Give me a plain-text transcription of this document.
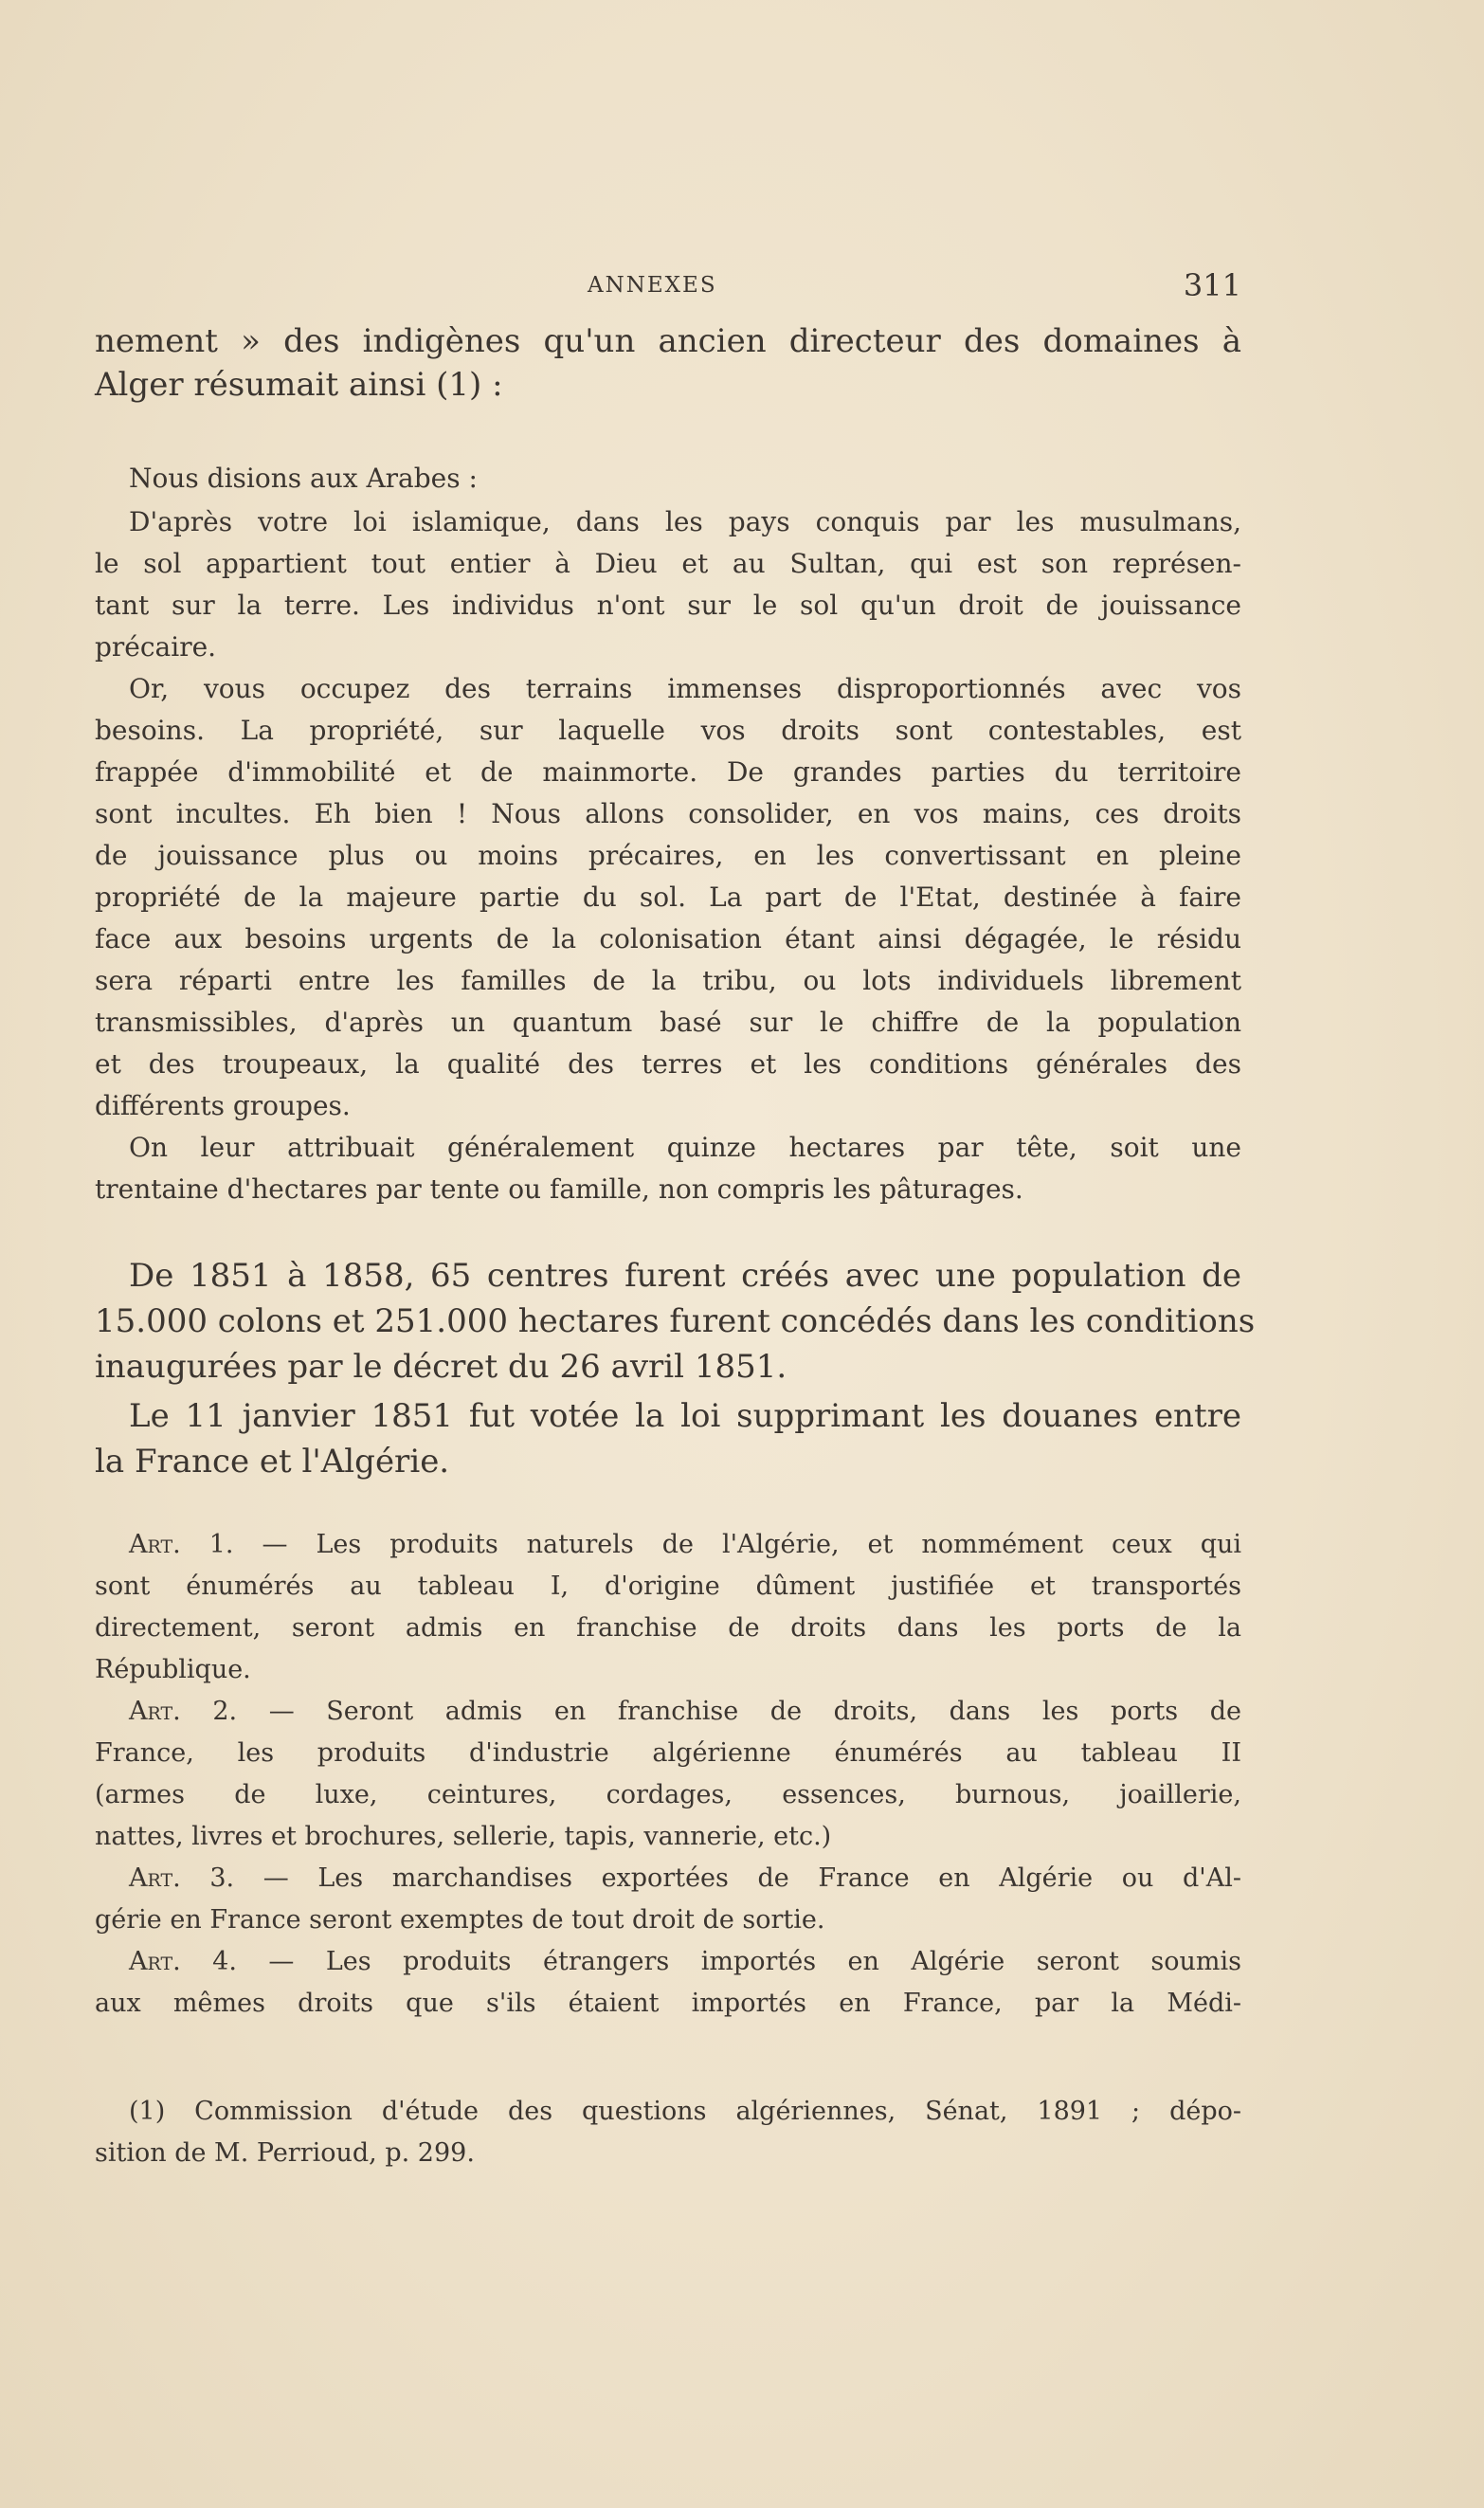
ANNEXES	311
nement » des indigènes qu'un ancien directeur des domaines à
Alger résumait ainsi (1) :
Nous disions aux Arabes :
D'après votre loi islamique, dans les pays conquis par les musulmans,
le sol appartient tout entier à Dieu et au Sultan, qui est son représen-
tant sur la terre. Les individus n'ont sur le sol qu'un droit de jouissance
précaire.
Or, vous occupez des terrains immenses disproportionnés avec vos
besoins. La propriété, sur laquelle vos droits sont contestables, est
frappée d'immobilité et de mainmorte. De grandes parties du territoire
sont incultes. Eh bien ! Nous allons consolider, en vos mains, ces droits
de jouissance plus ou moins précaires, en les convertissant en pleine
propriété de la majeure partie du sol. La part de l'Etat, destinée à faire
face aux besoins urgents de la colonisation étant ainsi dégagée, le résidu
sera réparti entre les familles de la tribu, ou lots individuels librement
transmissibles, d'après un quantum basé sur le chiffre de la population
et des troupeaux, la qualité des terres et les conditions générales des
différents groupes.
On leur attribuait généralement quinze hectares par tête, soit une
trentaine d'hectares par tente ou famille, non compris les pâturages.
De 1851 à 1858, 65 centres furent créés avec une population de
15.000 colons et 251.000 hectares furent concédés dans les conditions
inaugurées par le décret du 26 avril 1851.
Le 11 janvier 1851 fut votée la loi supprimant les douanes entre
la France et l'Algérie.
Art. 1. — Les produits naturels de l'Algérie, et nommément ceux qui
sont énumérés au tableau I, d'origine dûment justifiée et transportés
directement, seront admis en franchise de droits dans les ports de la
République.
Art. 2. — Seront admis en franchise de droits, dans les ports de
France, les produits d'industrie algérienne énumérés au tableau II
(armes de luxe, ceintures, cordages, essences, burnous, joaillerie,
nattes, livres et brochures, sellerie, tapis, vannerie, etc.)
Art. 3. — Les marchandises exportées de France en Algérie ou d'Al-
gérie en France seront exemptes de tout droit de sortie.
Art. 4. — Les produits étrangers importés en Algérie seront soumis
aux mêmes droits que s'ils étaient importés en France, par la Médi-
(1) Commission d'étude des questions algériennes, Sénat, 1891 ; dépo-
sition de M. Perrioud, p. 299.
